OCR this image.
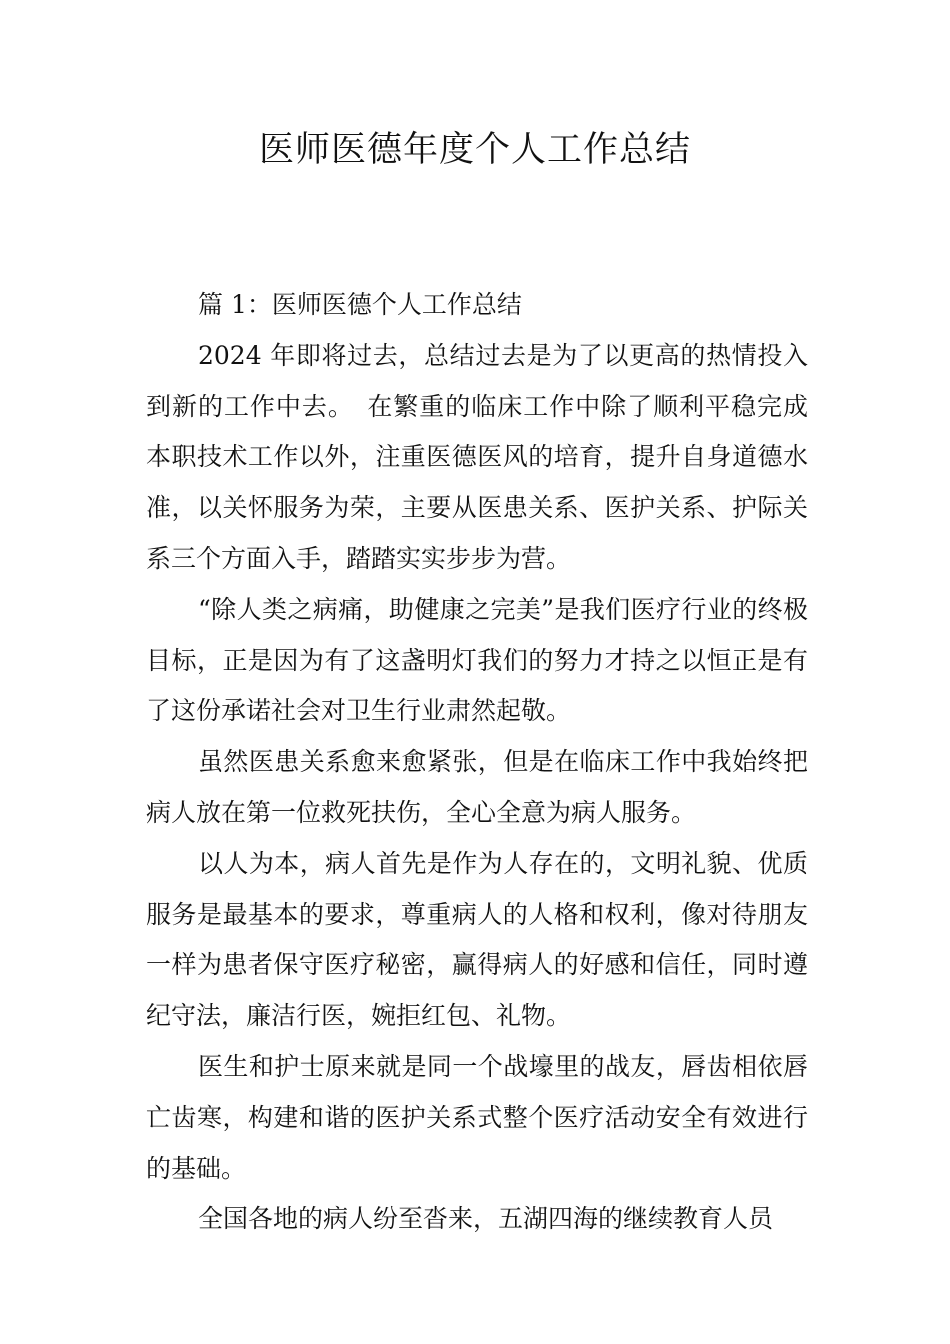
医师医德年度个人工作总结

篇 1：医师医德个人工作总结

2024 年即将过去，总结过去是为了以更高的热情投入到新的工作中去。　在繁重的临床工作中除了顺利平稳完成本职技术工作以外，注重医德医风的培育，提升自身道德水准，以关怀服务为荣，主要从医患关系、医护关系、护际关系三个方面入手，踏踏实实步步为营。

“除人类之病痛，助健康之完美”是我们医疗行业的终极目标，正是因为有了这盏明灯我们的努力才持之以恒正是有了这份承诺社会对卫生行业肃然起敬。

虽然医患关系愈来愈紧张，但是在临床工作中我始终把病人放在第一位救死扶伤，全心全意为病人服务。

以人为本，病人首先是作为人存在的，文明礼貌、优质服务是最基本的要求，尊重病人的人格和权利，像对待朋友一样为患者保守医疗秘密，赢得病人的好感和信任，同时遵纪守法，廉洁行医，婉拒红包、礼物。

医生和护士原来就是同一个战壕里的战友，唇齿相依唇亡齿寒，构建和谐的医护关系式整个医疗活动安全有效进行的基础。

全国各地的病人纷至沓来，五湖四海的继续教育人员
